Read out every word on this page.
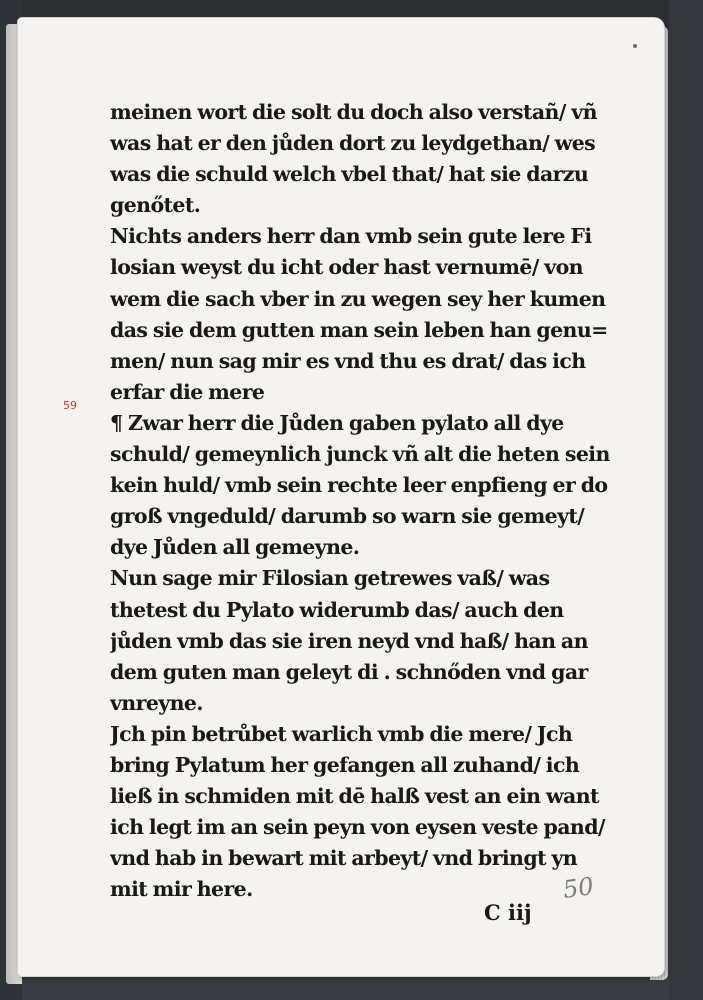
meinen wort die solt du doch also verstañ/ vñ
was hat er den jůden dort zu leydgethan/ wes
was die schuld welch vbel that/ hat sie darzu
genőtet.
Nichts anders herr dan vmb sein gute lere Fi
losian weyst du icht oder hast vernumē/ von
wem die sach vber in zu wegen sey her kumen
das sie dem gutten man sein leben han genu=
men/ nun sag mir es vnd thu es drat/ das ich
erfar die mere
¶ Zwar herr die Jůden gaben pylato all dye
schuld/ gemeynlich junck vñ alt die heten sein
kein huld/ vmb sein rechte leer enpfieng er do
groß vngeduld/ darumb so warn sie gemeyt/
dye Jůden all gemeyne.
Nun sage mir Filosian getrewes vaß/ was
thetest du Pylato widerumb das/ auch den
jůden vmb das sie iren neyd vnd haß/ han an
dem guten man geleyt di . schnőden vnd gar
vnreyne.
Jch pin betrůbet warlich vmb die mere/ Jch
bring Pylatum her gefangen all zuhand/ ich
ließ in schmiden mit dē halß vest an ein want
ich legt im an sein peyn von eysen veste pand/
vnd hab in bewart mit arbeyt/ vnd bringt yn
mit mir here.
C iij
50
59
